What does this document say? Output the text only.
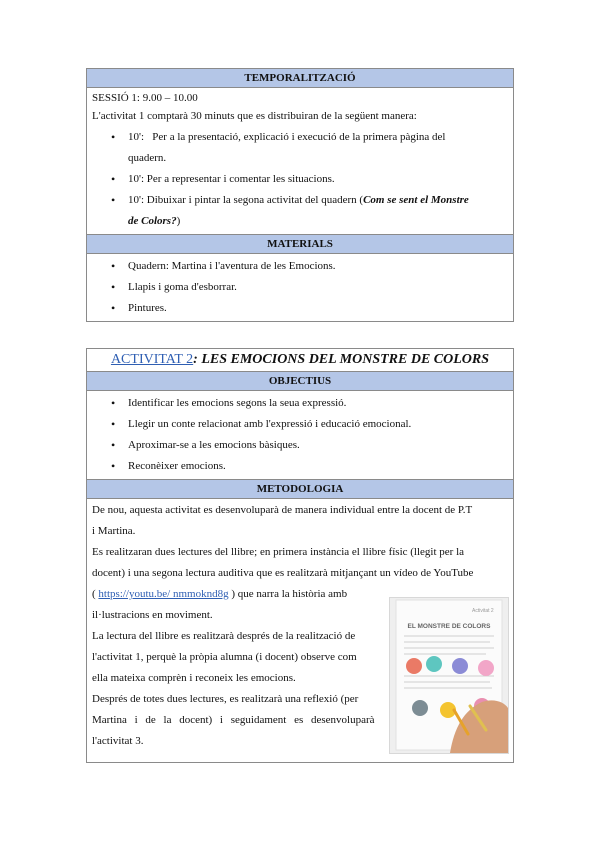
TEMPORALITZACIÓ

SESSIÓ 1: 9.00 – 10.00

L'activitat 1 comptarà 30 minuts que es distribuiran de la següent manera:

• 10': Per a la presentació, explicació i execució de la primera pàgina del
quadern.
• 10': Per a representar i comentar les situacions.
• 10': Dibuixar i pintar la segona activitat del quadern (Com se sent el Monstre
de Colors?)

MATERIALS

• Quadern: Martina i l'aventura de les Emocions.
• Llapis i goma d'esborrar.
• Pintures.
ACTIVITAT 2: LES EMOCIONS DEL MONSTRE DE COLORS
OBJECTIUS

• Identificar les emocions segons la seua expressió.
• Llegir un conte relacionat amb l'expressió i educació emocional.
• Aproximar-se a les emocions bàsiques.
• Reconèixer emocions.

METODOLOGIA

De nou, aquesta activitat es desenvoluparà de manera individual entre la docent de P.T

i Martina.

Es realitzaran dues lectures del llibre; en primera instància el llibre físic (llegit per la

docent) i una segona lectura auditiva que es realitzarà mitjançant un vídeo de YouTube

( https://youtu.be/ nmmoknd8g ) que narra la història amb

il·lustracions en moviment.

La lectura del llibre es realitzarà després de la realització de

l'activitat 1, perquè la pròpia alumna (i docent) observe com

ella mateixa comprèn i reconeix les emocions.

Després de totes dues lectures, es realitzarà una reflexió (per

Martina i de la docent) i seguidament es desenvoluparà

l'activitat 3.

Activitat 2
EL MONSTRE DE COLORS
